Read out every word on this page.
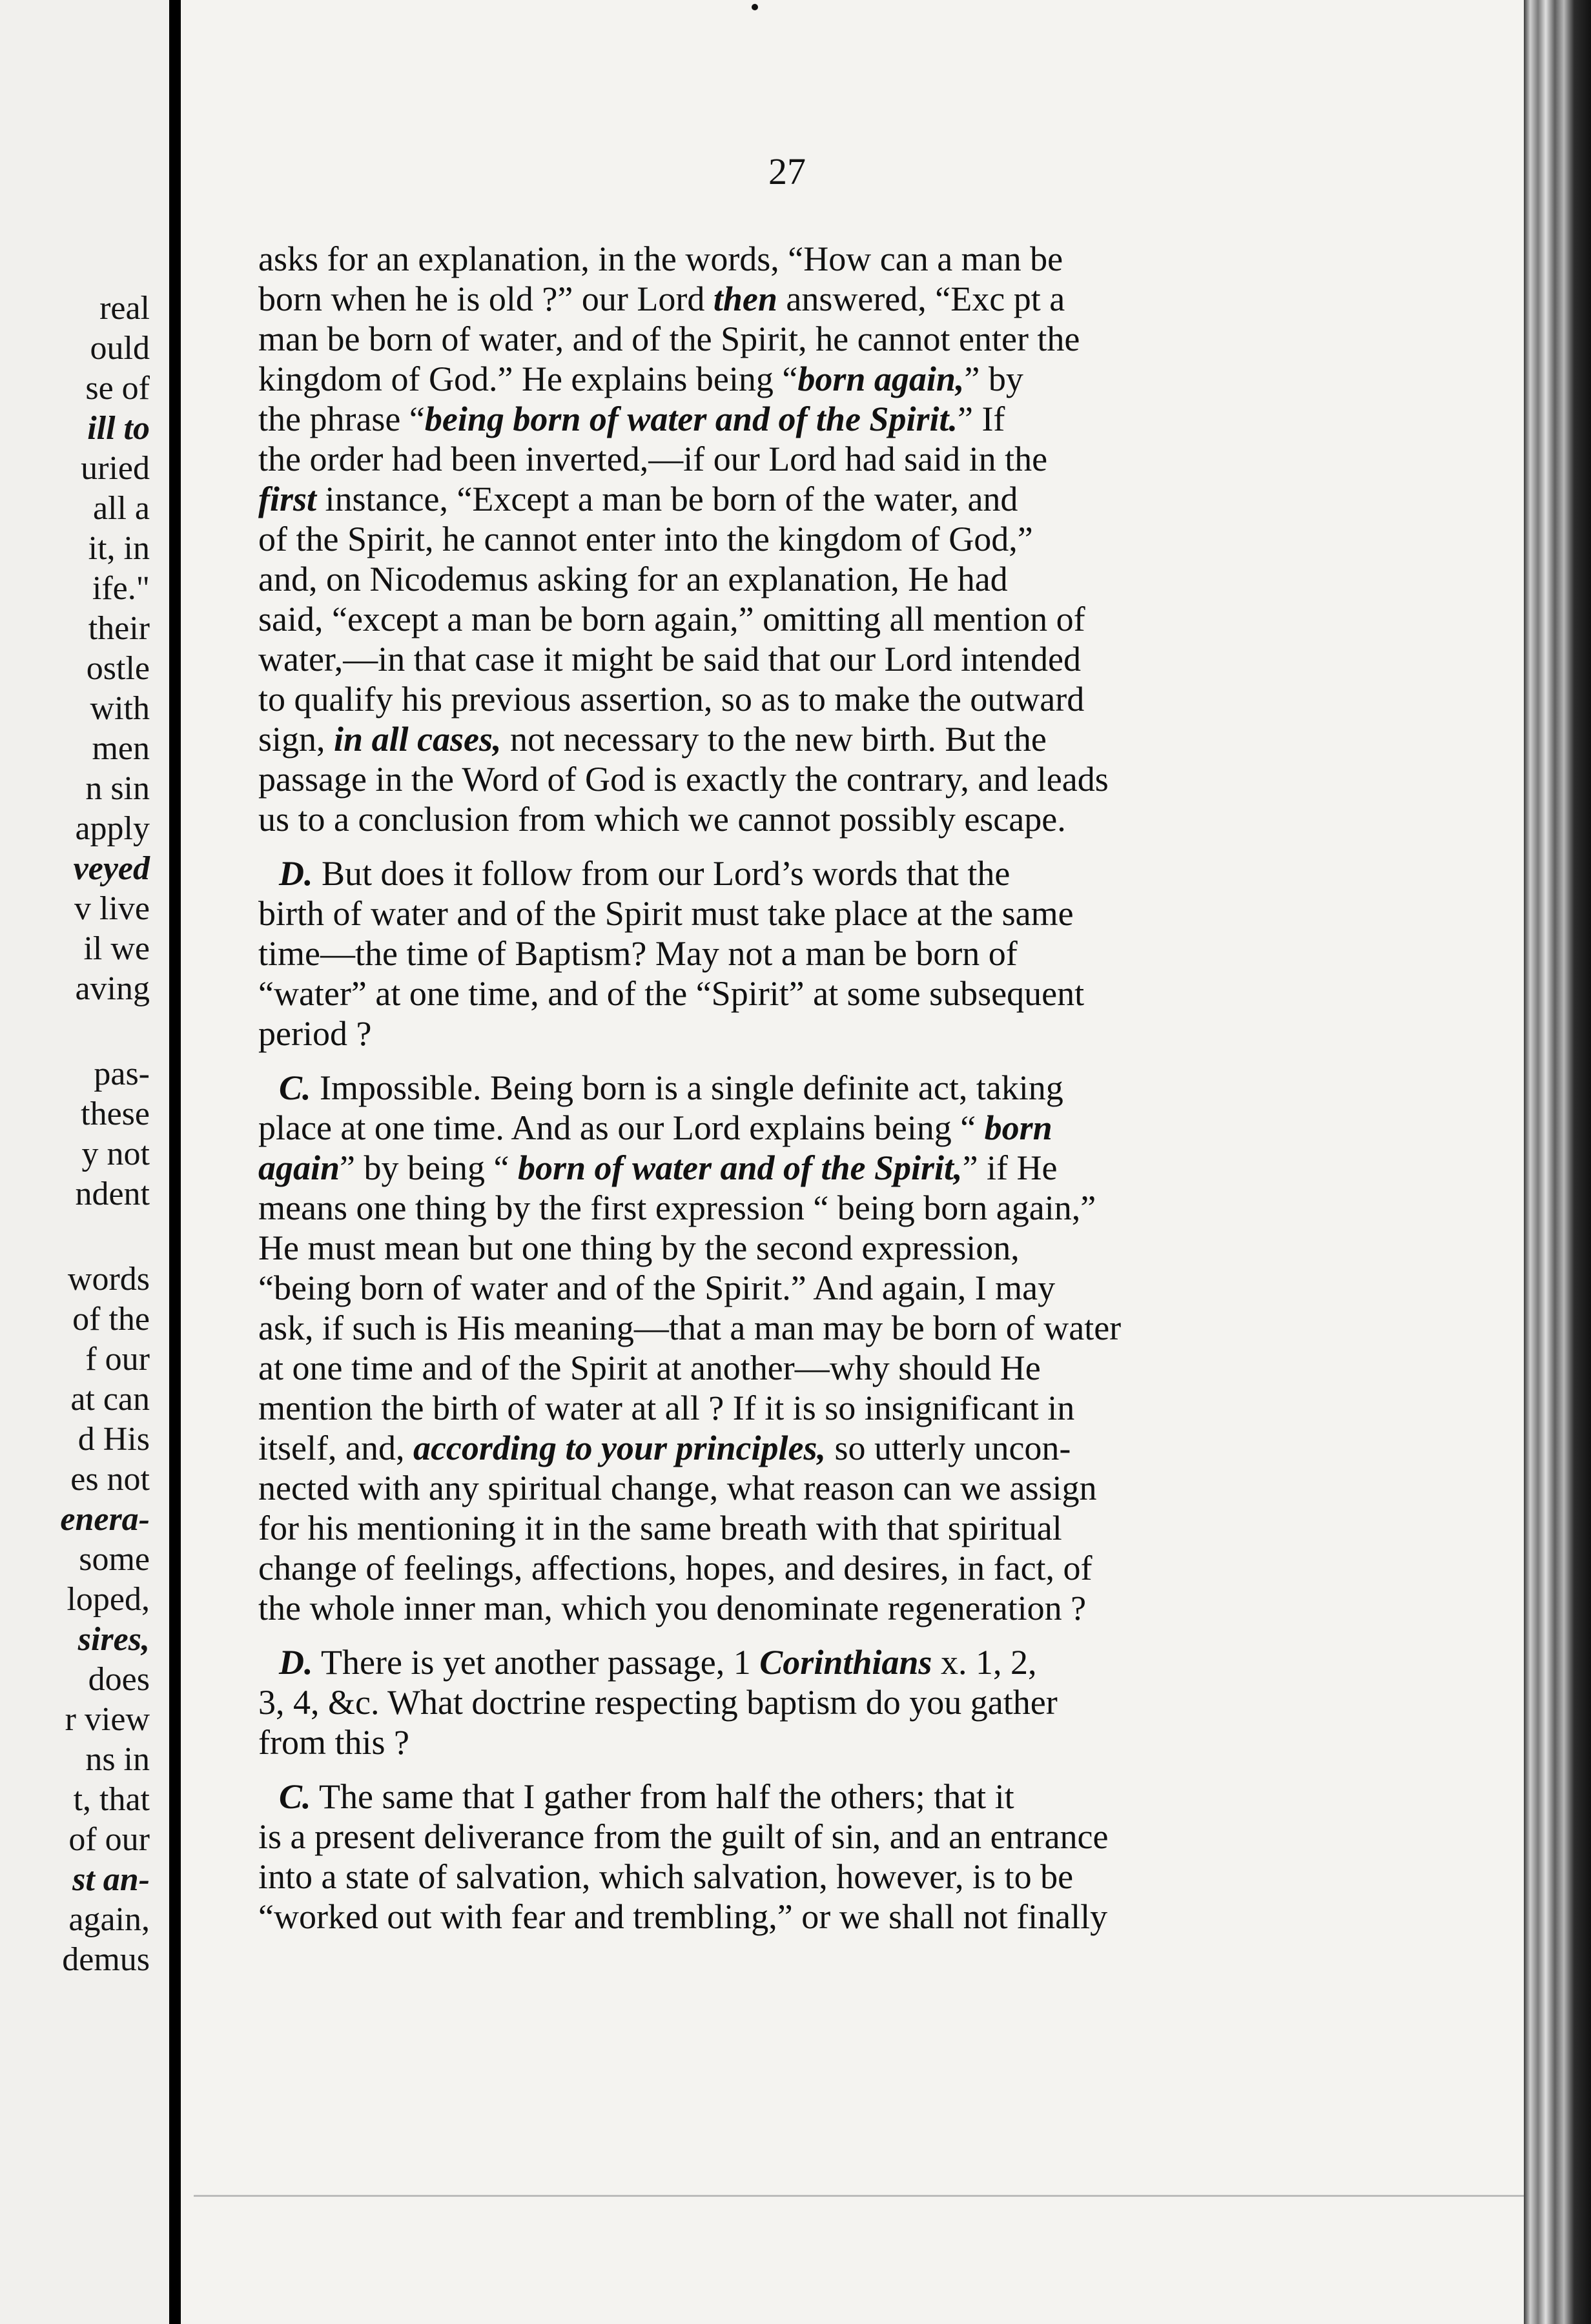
real
ould
se of
ill to
uried
all a
it, in
ife."
their
ostle
with
men
n sin
apply
veyed
v live
il we
aving
pas-
these
y not
ndent
words
of the
f our
at can
d His
es not
enera-
some
loped,
sires,
does
r view
ns in
t, that
of our
st an-
again,
demus
27
asks for an explanation, in the words, “How can a man be
born when he is old ?” our Lord then answered, “Exc pt a
man be born of water, and of the Spirit, he cannot enter the
kingdom of God.” He explains being “born again,” by
the phrase “being born of water and of the Spirit.” If
the order had been inverted,—if our Lord had said in the
first instance, “Except a man be born of the water, and
of the Spirit, he cannot enter into the kingdom of God,”
and, on Nicodemus asking for an explanation, He had
said, “except a man be born again,” omitting all mention of
water,—in that case it might be said that our Lord intended
to qualify his previous assertion, so as to make the outward
sign, in all cases, not necessary to the new birth. But the
passage in the Word of God is exactly the contrary, and leads
us to a conclusion from which we cannot possibly escape.
D. But does it follow from our Lord’s words that the
birth of water and of the Spirit must take place at the same
time—the time of Baptism? May not a man be born of
“water” at one time, and of the “Spirit” at some subsequent
period ?
C. Impossible. Being born is a single definite act, taking
place at one time. And as our Lord explains being “ born
again” by being “ born of water and of the Spirit,” if He
means one thing by the first expression “ being born again,”
He must mean but one thing by the second expression,
“being born of water and of the Spirit.” And again, I may
ask, if such is His meaning—that a man may be born of water
at one time and of the Spirit at another—why should He
mention the birth of water at all ? If it is so insignificant in
itself, and, according to your principles, so utterly uncon-
nected with any spiritual change, what reason can we assign
for his mentioning it in the same breath with that spiritual
change of feelings, affections, hopes, and desires, in fact, of
the whole inner man, which you denominate regeneration ?
D. There is yet another passage, 1 Corinthians x. 1, 2,
3, 4, &c. What doctrine respecting baptism do you gather
from this ?
C. The same that I gather from half the others; that it
is a present deliverance from the guilt of sin, and an entrance
into a state of salvation, which salvation, however, is to be
“worked out with fear and trembling,” or we shall not finally
